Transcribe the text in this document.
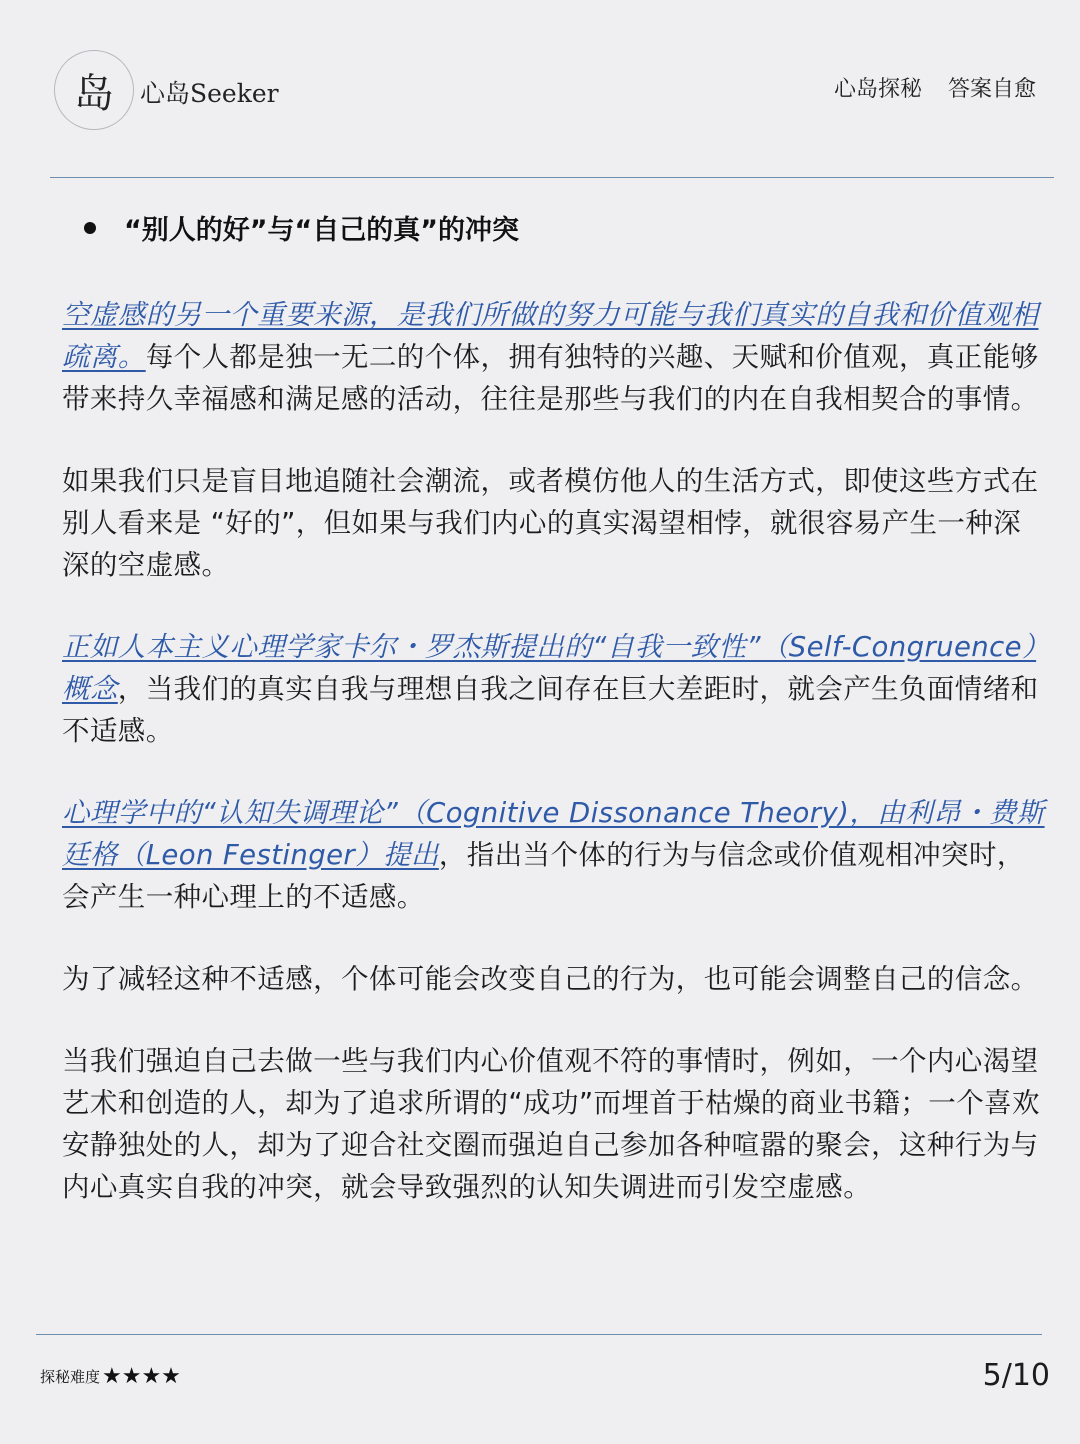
岛 心岛Seeker	心岛探秘 答案自愈
“别人的好”与“自己的真”的冲突

空虚感的另一个重要来源，是我们所做的努力可能与我们真实的自我和价值观相疏离。每个人都是独一无二的个体，拥有独特的兴趣、天赋和价值观，真正能够带来持久幸福感和满足感的活动，往往是那些与我们的内在自我相契合的事情。

如果我们只是盲目地追随社会潮流，或者模仿他人的生活方式，即使这些方式在别人看来是 “好的”，但如果与我们内心的真实渴望相悖，就很容易产生一种深深的空虚感。

正如人本主义心理学家卡尔・罗杰斯提出的“自我一致性”（Self-Congruence）概念，当我们的真实自我与理想自我之间存在巨大差距时，就会产生负面情绪和不适感。

心理学中的“认知失调理论”（Cognitive Dissonance Theory)，由利昂・费斯廷格（Leon Festinger）提出，指出当个体的行为与信念或价值观相冲突时，会产生一种心理上的不适感。

为了减轻这种不适感，个体可能会改变自己的行为，也可能会调整自己的信念。

当我们强迫自己去做一些与我们内心价值观不符的事情时，例如，一个内心渴望艺术和创造的人，却为了追求所谓的“成功”而埋首于枯燥的商业书籍；一个喜欢安静独处的人，却为了迎合社交圈而强迫自己参加各种喧嚣的聚会，这种行为与内心真实自我的冲突，就会导致强烈的认知失调进而引发空虚感。

探秘难度 ★★★★	5/10
